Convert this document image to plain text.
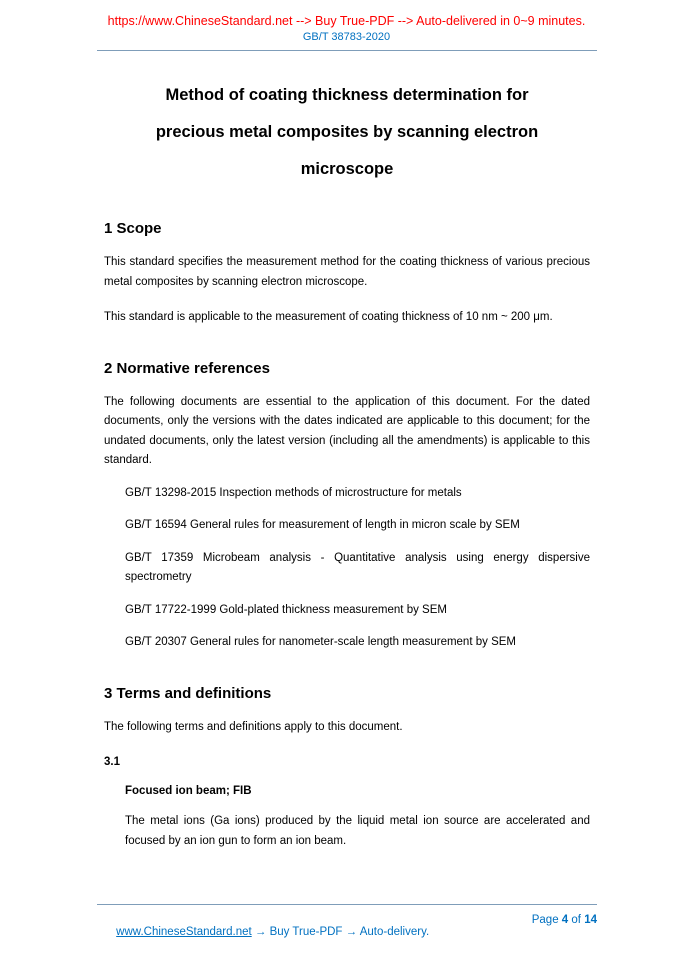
https://www.ChineseStandard.net --> Buy True-PDF --> Auto-delivered in 0~9 minutes.
GB/T 38783-2020
Method of coating thickness determination for
precious metal composites by scanning electron
microscope
1 Scope

This standard specifies the measurement method for the coating thickness of various precious metal composites by scanning electron microscope.

This standard is applicable to the measurement of coating thickness of 10 nm ~ 200 μm.

2 Normative references

The following documents are essential to the application of this document. For the dated documents, only the versions with the dates indicated are applicable to this document; for the undated documents, only the latest version (including all the amendments) is applicable to this standard.

GB/T 13298-2015 Inspection methods of microstructure for metals

GB/T 16594 General rules for measurement of length in micron scale by SEM

GB/T 17359 Microbeam analysis - Quantitative analysis using energy dispersive spectrometry

GB/T 17722-1999 Gold-plated thickness measurement by SEM

GB/T 20307 General rules for nanometer-scale length measurement by SEM

3 Terms and definitions

The following terms and definitions apply to this document.

3.1

Focused ion beam; FIB

The metal ions (Ga ions) produced by the liquid metal ion source are accelerated and focused by an ion gun to form an ion beam.

www.ChineseStandard.net → Buy True-PDF → Auto-delivery.

Page 4 of 14
